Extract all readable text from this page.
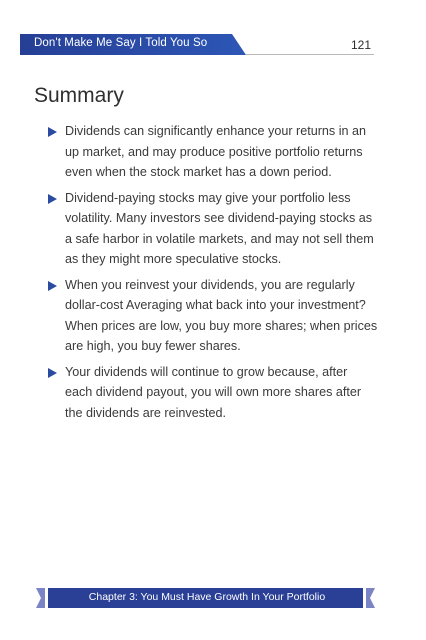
Don't Make Me Say I Told You So	121
Summary
Dividends can significantly enhance your returns in an up market, and may produce positive portfolio returns even when the stock market has a down period.
Dividend-paying stocks may give your portfolio less volatility. Many investors see dividend-paying stocks as a safe harbor in volatile markets, and may not sell them as they might more speculative stocks.
When you reinvest your dividends, you are regularly dollar-cost Averaging what back into your investment? When prices are low, you buy more shares; when prices are high, you buy fewer shares.
Your dividends will continue to grow because, after each dividend payout, you will own more shares after the dividends are reinvested.
Chapter 3: You Must Have Growth In Your Portfolio
